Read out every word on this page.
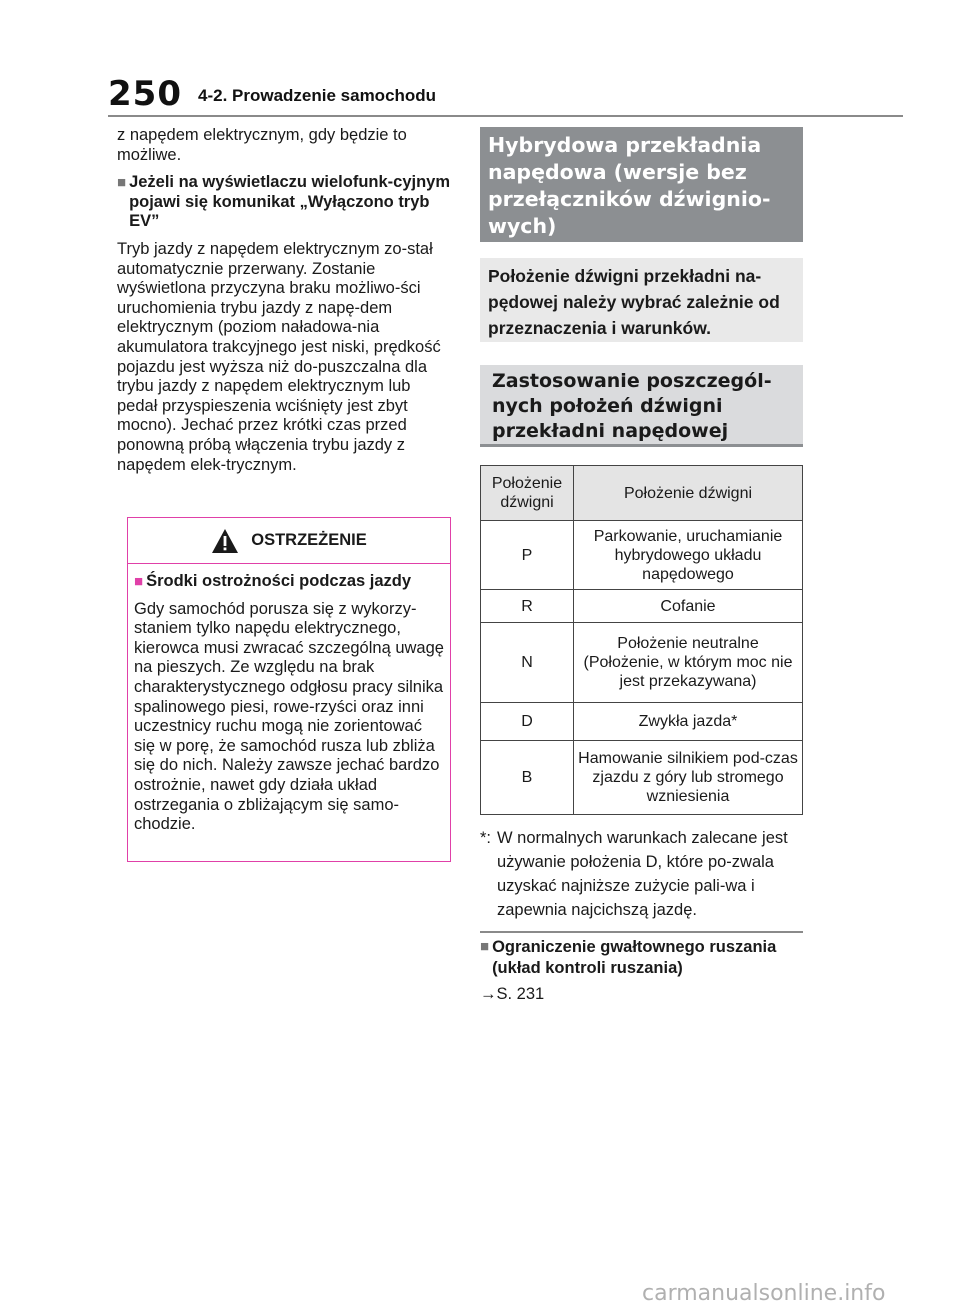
250 4-2. Prowadzenie samochodu

z napędem elektrycznym, gdy będzie to możliwe.

■ Jeżeli na wyświetlaczu wielofunk-cyjnym pojawi się komunikat „Wyłączono tryb EV”

Tryb jazdy z napędem elektrycznym zo-stał automatycznie przerwany. Zostanie wyświetlona przyczyna braku możliwo-ści uruchomienia trybu jazdy z napę-dem elektrycznym (poziom naładowa-nia akumulatora trakcyjnego jest niski, prędkość pojazdu jest wyższa niż do-puszczalna dla trybu jazdy z napędem elektrycznym lub pedał przyspieszenia wciśnięty jest zbyt mocno). Jechać przez krótki czas przed ponowną próbą włączenia trybu jazdy z napędem elek-trycznym.

OSTRZEŻENIE
■ Środki ostrożności podczas jazdy

Gdy samochód porusza się z wykorzy-staniem tylko napędu elektrycznego, kierowca musi zwracać szczególną uwagę na pieszych. Ze względu na brak charakterystycznego odgłosu pracy silnika spalinowego piesi, rowe-rzyści oraz inni uczestnicy ruchu mogą nie zorientować się w porę, że samochód rusza lub zbliża się do nich. Należy zawsze jechać bardzo ostrożnie, nawet gdy działa układ ostrzegania o zbliżającym się samo-chodzie.

Hybrydowa przekładnia napędowa (wersje bez przełączników dźwignio-wych)
Położenie dźwigni przekładni na-pędowej należy wybrać zależnie od przeznaczenia i warunków.
Zastosowanie poszczegól-nych położeń dźwigni przekładni napędowej
Położenie dźwigni	Położenie dźwigni
P	Parkowanie, uruchamianie hybrydowego układu napędowego
R	Cofanie
N	Położenie neutralne (Położenie, w którym moc nie jest przekazywana)
D	Zwykła jazda*
B	Hamowanie silnikiem pod-czas zjazdu z góry lub stromego wzniesienia
*: W normalnych warunkach zalecane jest używanie położenia D, które po-zwala uzyskać najniższe zużycie pali-wa i zapewnia najcichszą jazdę.
■ Ograniczenie gwałtownego ruszania (układ kontroli ruszania)
→S. 231
carmanualsonline.info
